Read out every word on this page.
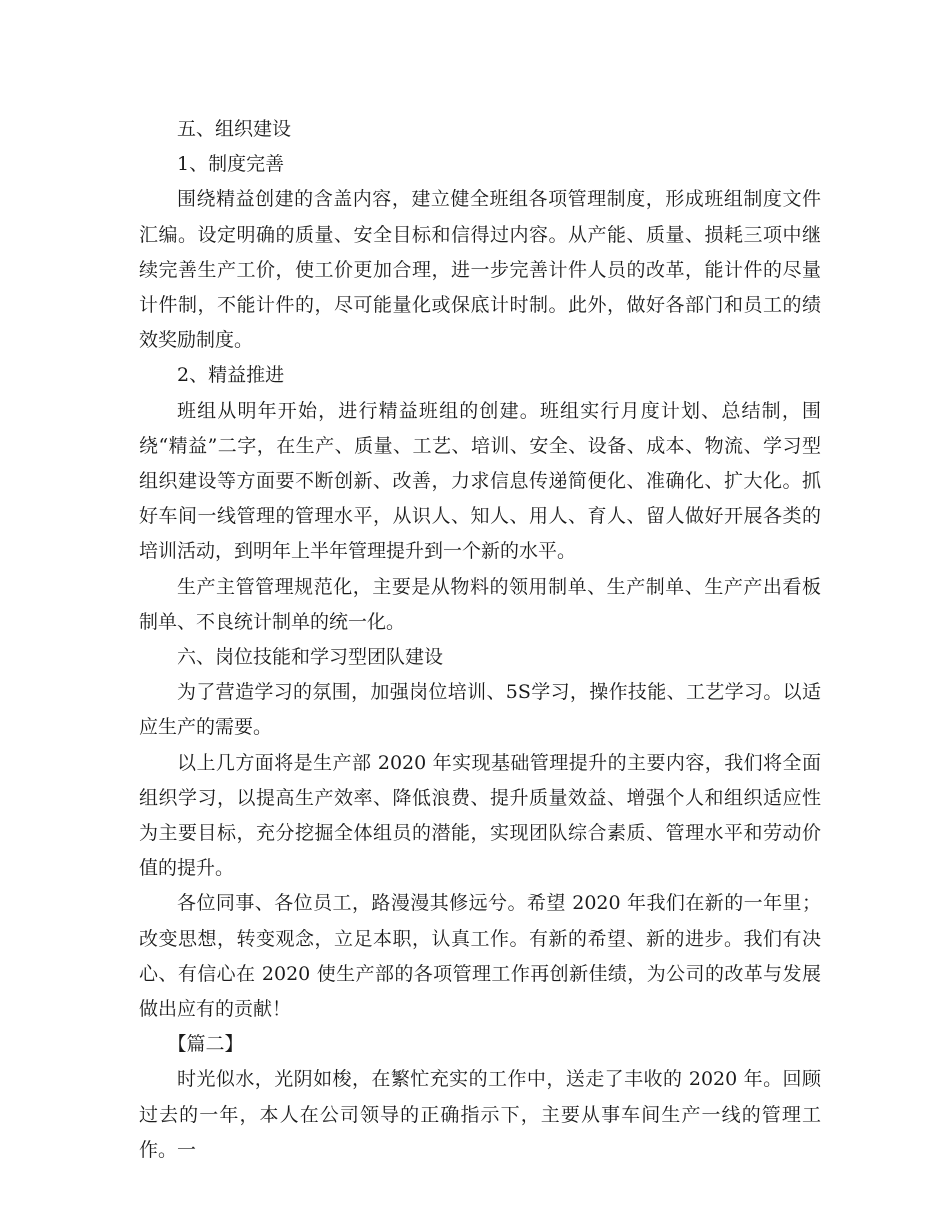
五、组织建设

1、制度完善

围绕精益创建的含盖内容，建立健全班组各项管理制度，形成班组制度文件汇编。设定明确的质量、安全目标和信得过内容。从产能、质量、损耗三项中继续完善生产工价，使工价更加合理，进一步完善计件人员的改革，能计件的尽量计件制，不能计件的，尽可能量化或保底计时制。此外，做好各部门和员工的绩效奖励制度。

2、精益推进

班组从明年开始，进行精益班组的创建。班组实行月度计划、总结制，围绕“精益”二字，在生产、质量、工艺、培训、安全、设备、成本、物流、学习型组织建设等方面要不断创新、改善，力求信息传递简便化、准确化、扩大化。抓好车间一线管理的管理水平，从识人、知人、用人、育人、留人做好开展各类的培训活动，到明年上半年管理提升到一个新的水平。

生产主管管理规范化，主要是从物料的领用制单、生产制单、生产产出看板制单、不良统计制单的统一化。

六、岗位技能和学习型团队建设

为了营造学习的氛围，加强岗位培训、5S学习，操作技能、工艺学习。以适应生产的需要。

以上几方面将是生产部 2020 年实现基础管理提升的主要内容，我们将全面组织学习，以提高生产效率、降低浪费、提升质量效益、增强个人和组织适应性为主要目标，充分挖掘全体组员的潜能，实现团队综合素质、管理水平和劳动价值的提升。

各位同事、各位员工，路漫漫其修远兮。希望 2020 年我们在新的一年里；改变思想，转变观念，立足本职，认真工作。有新的希望、新的进步。我们有决心、有信心在 2020 使生产部的各项管理工作再创新佳绩，为公司的改革与发展做出应有的贡献！

【篇二】

时光似水，光阴如梭，在繁忙充实的工作中，送走了丰收的 2020 年。回顾过去的一年，本人在公司领导的正确指示下，主要从事车间生产一线的管理工作。一
